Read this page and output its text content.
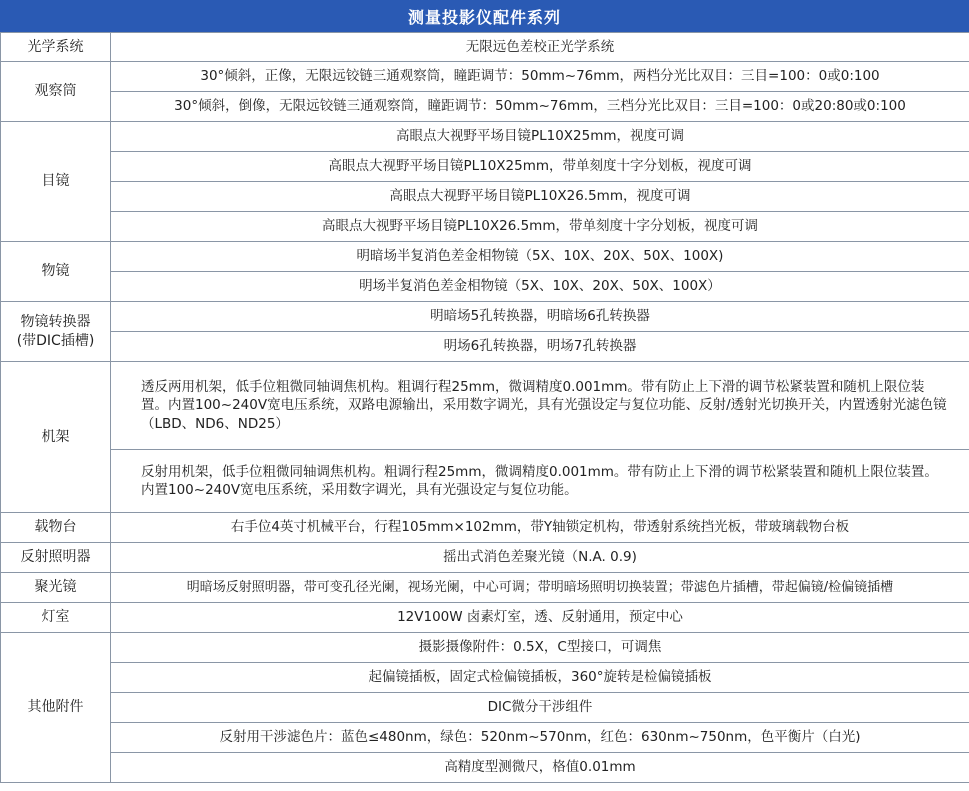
测量投影仪配件系列
光学系统	无限远色差校正光学系统
观察筒	30°倾斜，正像，无限远铰链三通观察筒，瞳距调节：50mm~76mm，两档分光比双目：三目=100：0或0:100
	30°倾斜，倒像，无限远铰链三通观察筒，瞳距调节：50mm~76mm，三档分光比双目：三目=100：0或20:80或0:100
目镜	高眼点大视野平场目镜PL10X25mm，视度可调
	高眼点大视野平场目镜PL10X25mm，带单刻度十字分划板，视度可调
	高眼点大视野平场目镜PL10X26.5mm，视度可调
	高眼点大视野平场目镜PL10X26.5mm，带单刻度十字分划板，视度可调
物镜	明暗场半复消色差金相物镜（5X、10X、20X、50X、100X)
	明场半复消色差金相物镜（5X、10X、20X、50X、100X）

物镜转换器
(带DIC插槽)	明暗场5孔转换器，明暗场6孔转换器
	明场6孔转换器，明场7孔转换器
机架	透反两用机架，低手位粗微同轴调焦机构。粗调行程25mm，微调精度0.001mm。带有防止上下滑的调节松紧装置和随机上限位装置。内置100~240V宽电压系统，双路电源输出，采用数字调光，具有光强设定与复位功能、反射/透射光切换开关，内置透射光滤色镜（LBD、ND6、ND25）
	反射用机架，低手位粗微同轴调焦机构。粗调行程25mm，微调精度0.001mm。带有防止上下滑的调节松紧装置和随机上限位装置。内置100~240V宽电压系统，采用数字调光，具有光强设定与复位功能。
载物台	右手位4英寸机械平台，行程105mm×102mm，带Y轴锁定机构，带透射系统挡光板，带玻璃载物台板
反射照明器	摇出式消色差聚光镜（N.A. 0.9)
聚光镜	明暗场反射照明器，带可变孔径光阑，视场光阑，中心可调；带明暗场照明切换装置；带滤色片插槽，带起偏镜/检偏镜插槽
灯室	12V100W 卤素灯室，透、反射通用，预定中心
其他附件	摄影摄像附件：0.5X，C型接口，可调焦
	起偏镜插板，固定式检偏镜插板，360°旋转是检偏镜插板
	DIC微分干涉组件
	反射用干涉滤色片：蓝色≤480nm，绿色：520nm~570nm，红色：630nm~750nm，色平衡片（白光)
	高精度型测微尺，格值0.01mm
